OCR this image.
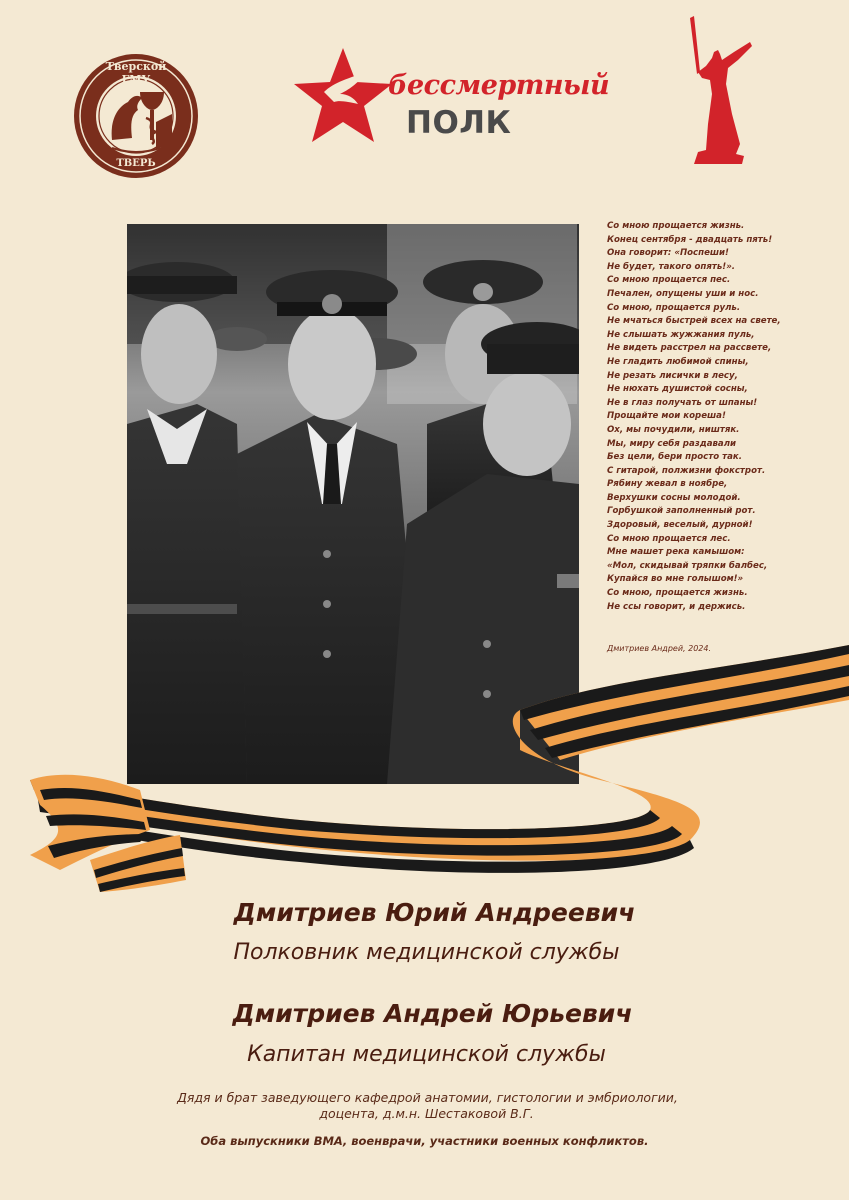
Тверской ГМУ
ТВЕРЬ
бессмертный
ПОЛК
Со мною прощается жизнь.
Конец сентября - двадцать пять!
Она говорит: «Поспеши!
Не будет, такого опять!».
Со мною прощается пес.
Печален, опущены уши и нос.
Со мною, прощается руль.
Не мчаться быстрей всех на свете,
Не слышать жужжания пуль,
Не видеть расстрел на рассвете,
Не гладить любимой спины,
Не резать лисички в лесу,
Не нюхать душистой сосны,
Не в глаз получать от шпаны!
Прощайте мои кореша!
Ох, мы почудили, ништяк.
Мы, миру себя раздавали
Без цели, бери просто так.
С гитарой, полжизни фокстрот.
Рябину жевал в ноябре,
Верхушки сосны молодой.
Горбушкой заполненный рот.
Здоровый, веселый, дурной!
Со мною прощается лес.
Мне машет река камышом:
«Мол, скидывай тряпки балбес,
Купайся во мне голышом!»
Со мною, прощается жизнь.
Не ссы говорит, и держись.
Дмитриев Андрей, 2024.
Дмитриев Юрий Андреевич
Полковник медицинской службы
Дмитриев Андрей Юрьевич
Капитан медицинской службы
Дядя и брат заведующего кафедрой анатомии, гистологии и эмбриологии,
доцента, д.м.н. Шестаковой В.Г.
Оба выпускники ВМА, военврачи, участники военных конфликтов.
